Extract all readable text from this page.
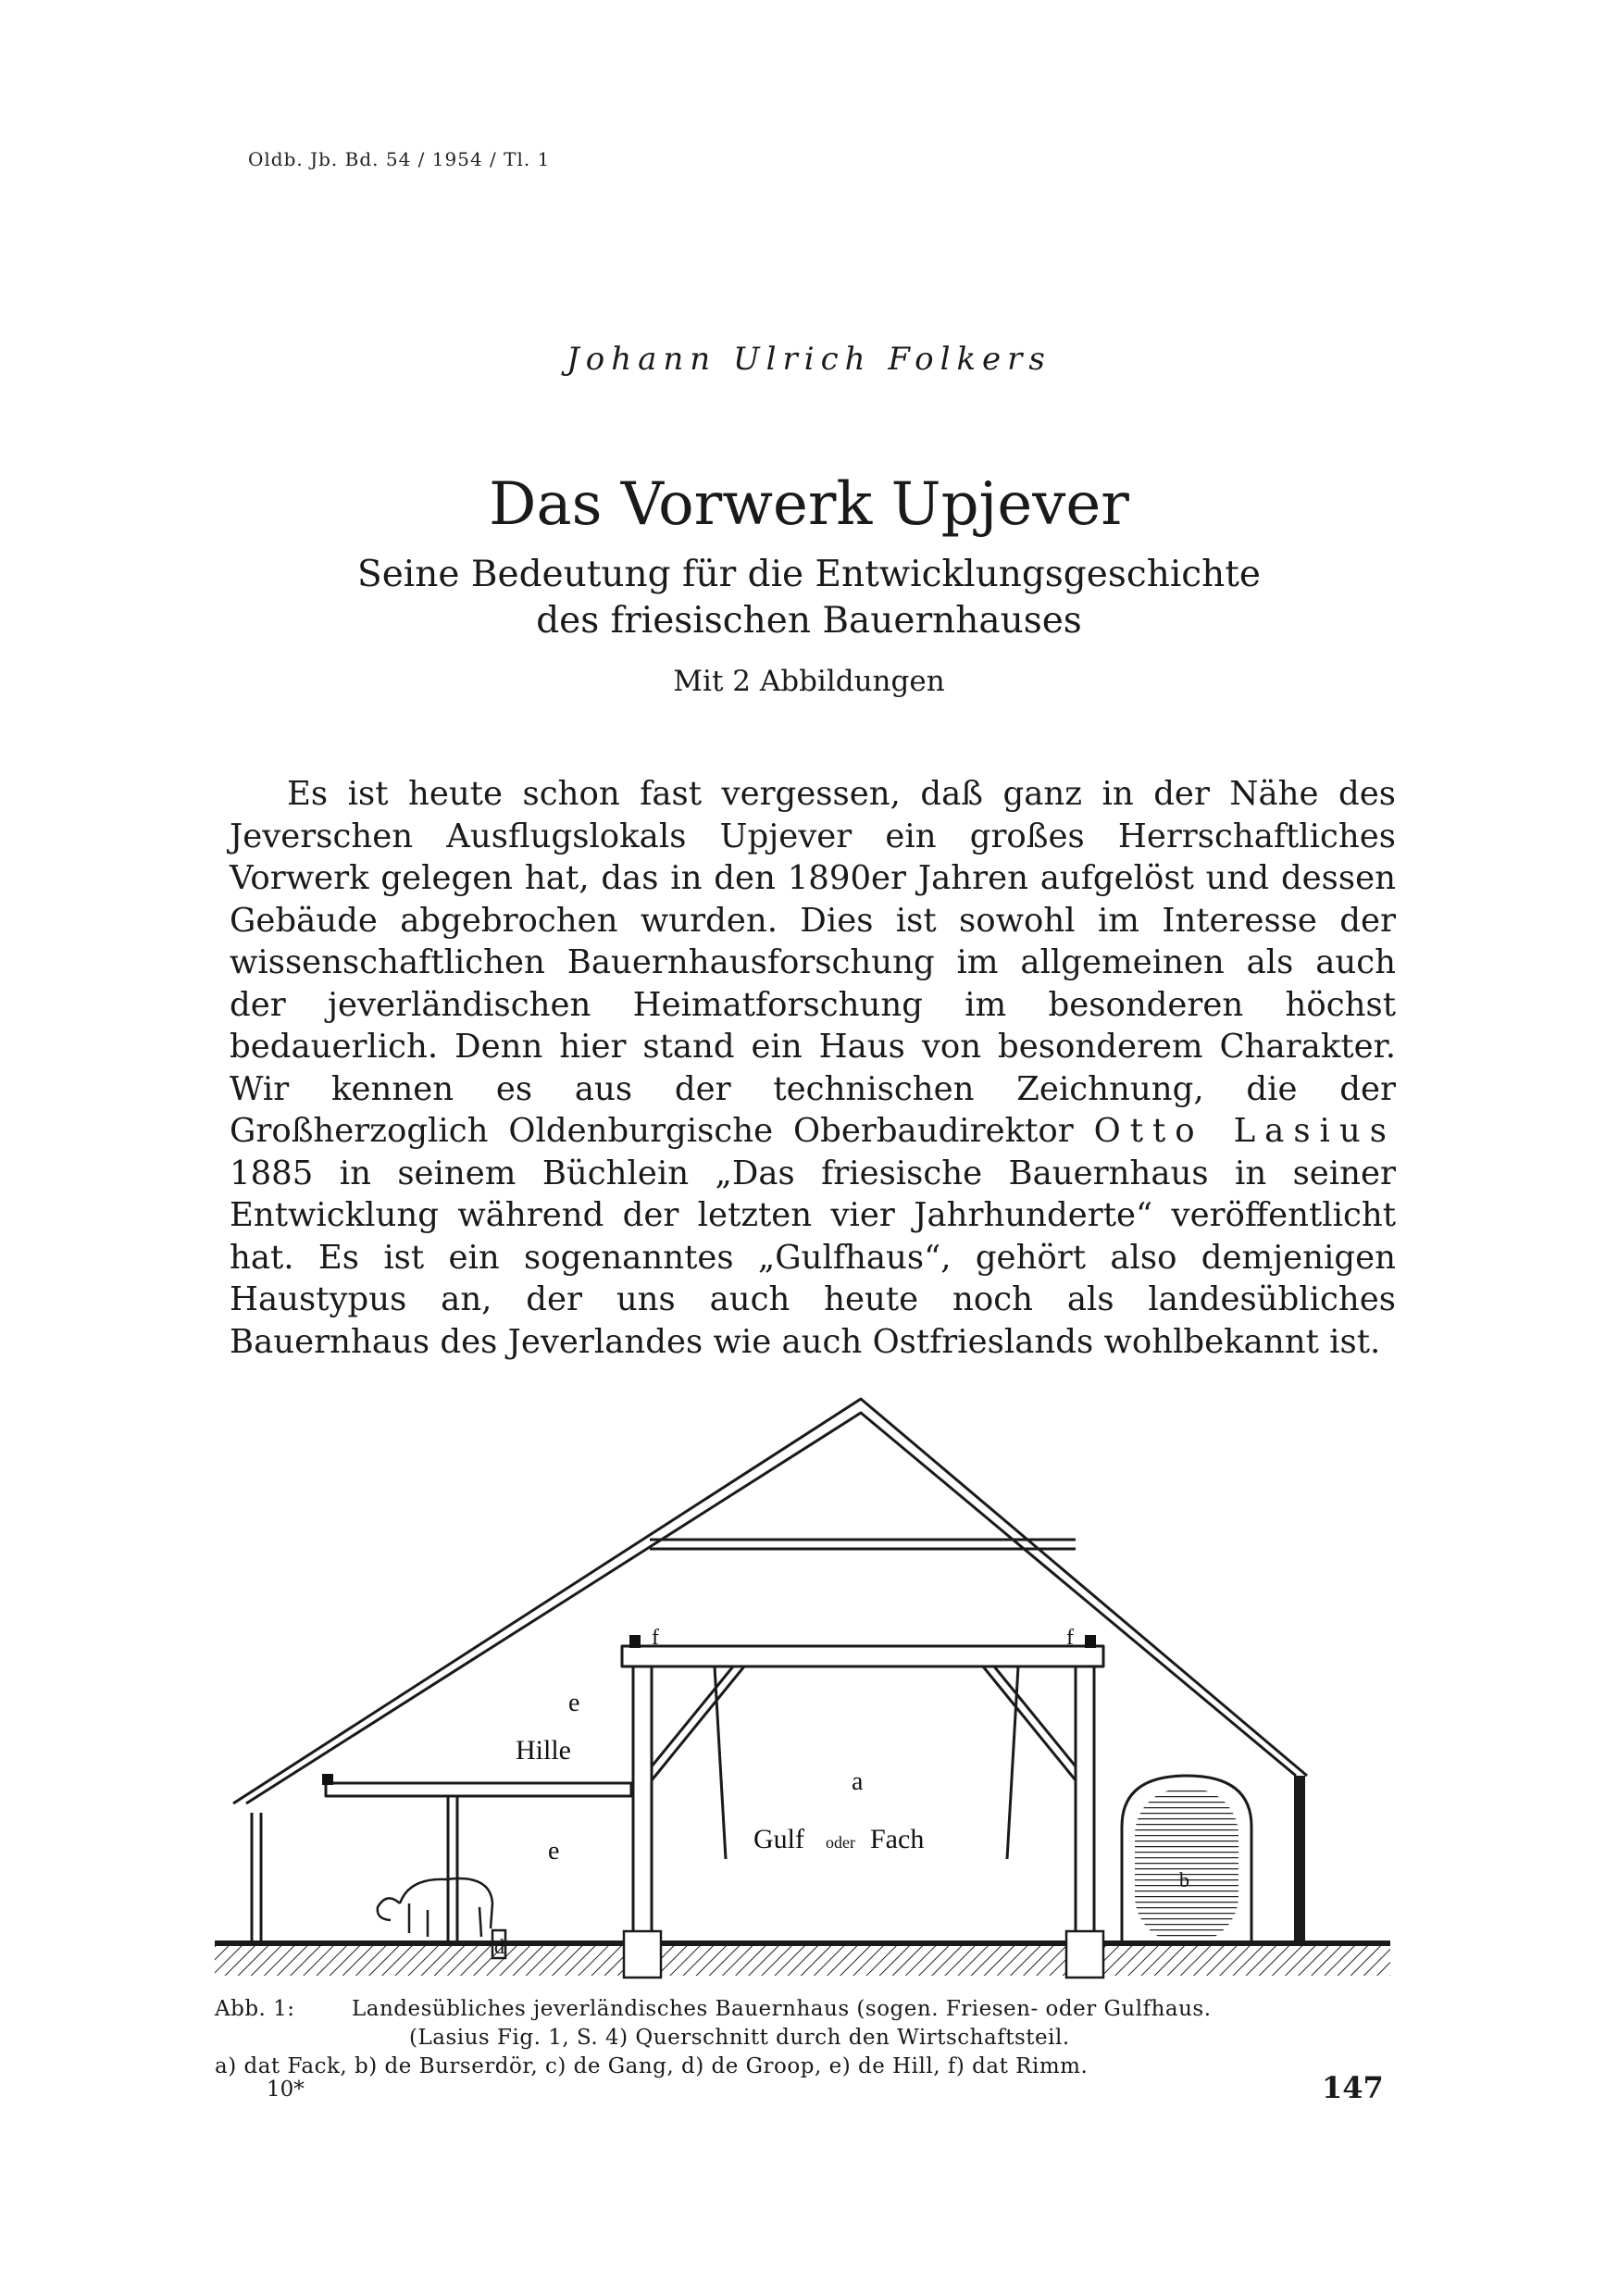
Oldb. Jb. Bd. 54 / 1954 / Tl. 1
Johann Ulrich Folkers
Das Vorwerk Upjever
Seine Bedeutung für die Entwicklungsgeschichte
des friesischen Bauernhauses
Mit 2 Abbildungen

Es ist heute schon fast vergessen, daß ganz in der Nähe des Jeverschen Ausflugslokals Upjever ein großes Herrschaftliches Vorwerk gelegen hat, das in den 1890er Jahren aufgelöst und dessen Gebäude abgebrochen wurden. Dies ist sowohl im Interesse der wissenschaftlichen Bauernhausforschung im allgemeinen als auch der jeverländischen Heimatforschung im besonderen höchst bedauerlich. Denn hier stand ein Haus von besonderem Charakter. Wir kennen es aus der technischen Zeichnung, die der Großherzoglich Oldenburgische Oberbaudirektor Otto Lasius 1885 in seinem Büchlein „Das friesische Bauernhaus in seiner Entwicklung während der letzten vier Jahrhunderte“ veröffentlicht hat. Es ist ein sogenanntes „Gulfhaus“, gehört also demjenigen Haustypus an, der uns auch heute noch als landesübliches Bauernhaus des Jeverlandes wie auch Ostfrieslands wohlbekannt ist.

f	f
e
Hille
e
d
a
Gulf oder Fach
b
Abb. 1:	Landesübliches jeverländisches Bauernhaus (sogen. Friesen- oder Gulfhaus.
(Lasius Fig. 1, S. 4) Querschnitt durch den Wirtschaftsteil.
a) dat Fack, b) de Burserdör, c) de Gang, d) de Groop, e) de Hill, f) dat Rimm.
10*	147
